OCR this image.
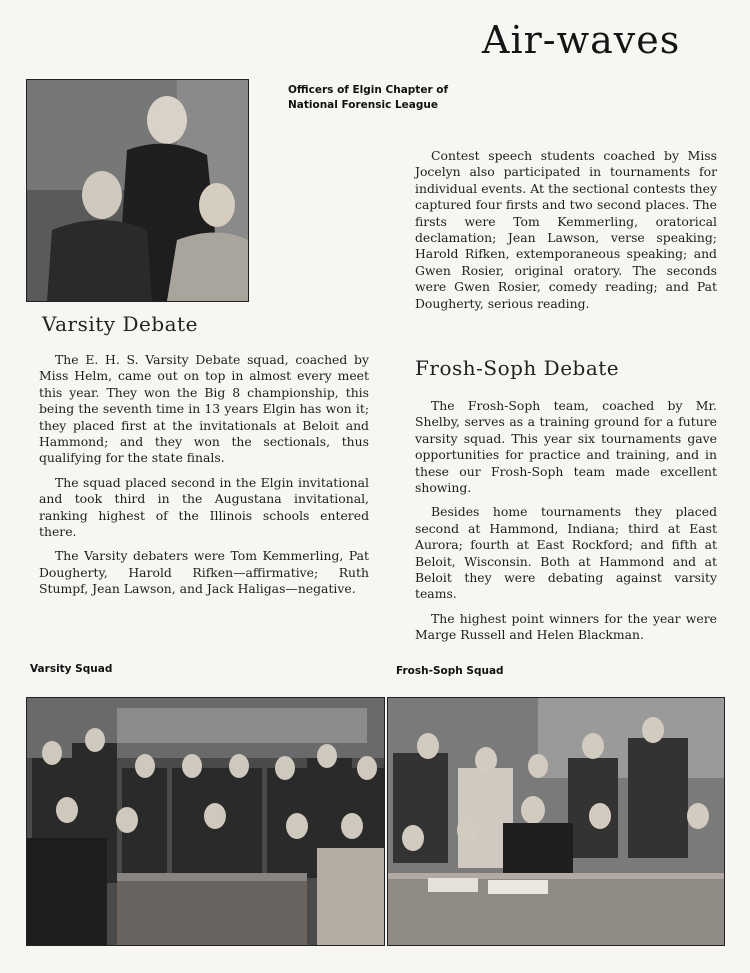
Air-waves
Officers of Elgin Chapter of
National Forensic League

Contest speech students coached by Miss Jocelyn also participated in tournaments for individual events. At the sectional contests they captured four firsts and two second places. The firsts were Tom Kemmerling, oratorical declamation; Jean Lawson, verse speaking; Harold Rifken, extemporaneous speaking; and Gwen Rosier, original oratory. The seconds were Gwen Rosier, comedy reading; and Pat Dougherty, serious reading.

Varsity Debate

The E. H. S. Varsity Debate squad, coached by Miss Helm, came out on top in almost every meet this year. They won the Big 8 championship, this being the seventh time in 13 years Elgin has won it; they placed first at the invitationals at Beloit and Hammond; and they won the sectionals, thus qualifying for the state finals.

The squad placed second in the Elgin invitational and took third in the Augustana invitational, ranking highest of the Illinois schools entered there.

The Varsity debaters were Tom Kemmerling, Pat Dougherty, Harold Rifken—affirmative; Ruth Stumpf, Jean Lawson, and Jack Haligas—negative.

Frosh-Soph Debate

The Frosh-Soph team, coached by Mr. Shelby, serves as a training ground for a future varsity squad. This year six tournaments gave opportunities for practice and training, and in these our Frosh-Soph team made excellent showing.

Besides home tournaments they placed second at Hammond, Indiana; third at East Aurora; fourth at East Rockford; and fifth at Beloit, Wisconsin. Both at Hammond and at Beloit they were debating against varsity teams.

The highest point winners for the year were Marge Russell and Helen Blackman.

Varsity Squad	Frosh-Soph Squad
